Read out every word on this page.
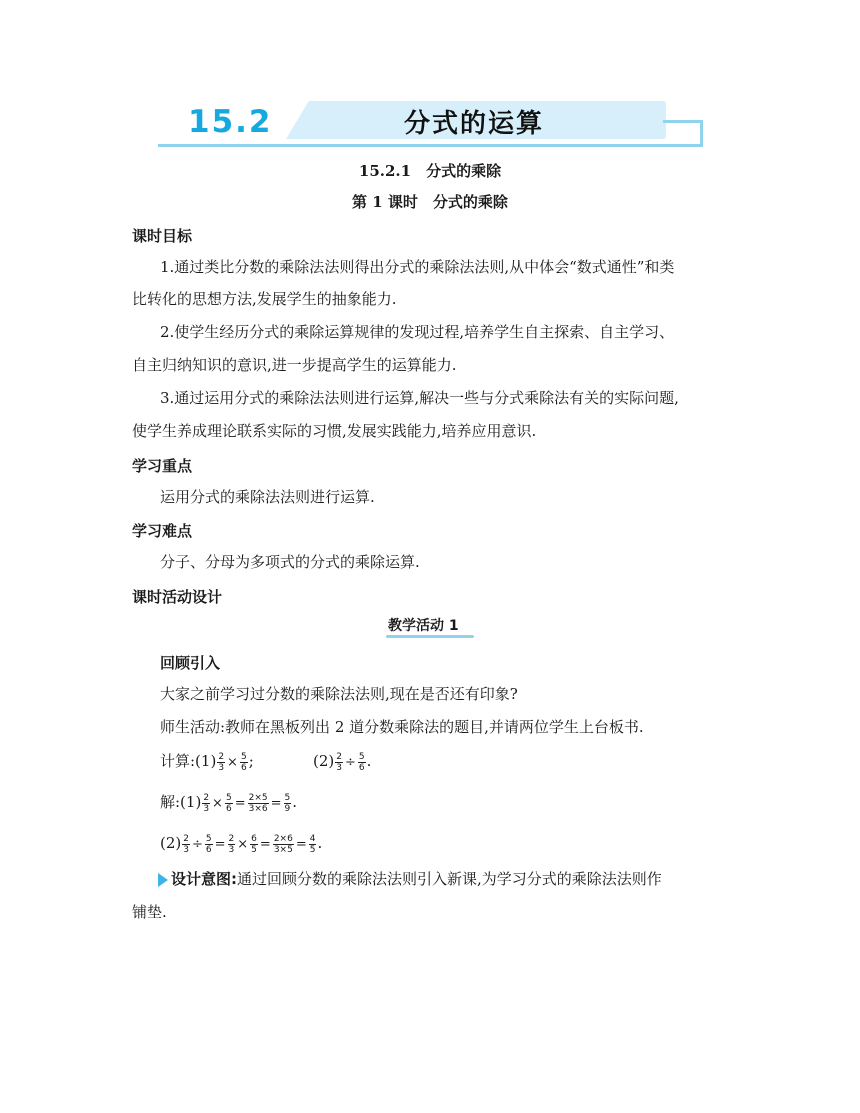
15.2	分式的运算
15.2.1　分式的乘除
第 1 课时　分式的乘除
课时目标
1.通过类比分数的乘除法法则得出分式的乘除法法则,从中体会“数式通性”和类
比转化的思想方法,发展学生的抽象能力.
2.使学生经历分式的乘除运算规律的发现过程,培养学生自主探索、自主学习、
自主归纳知识的意识,进一步提高学生的运算能力.
3.通过运用分式的乘除法法则进行运算,解决一些与分式乘除法有关的实际问题,
使学生养成理论联系实际的习惯,发展实践能力,培养应用意识.
学习重点
运用分式的乘除法法则进行运算.
学习难点
分子、分母为多项式的分式的乘除运算.
课时活动设计
教学活动 1
回顾引入
大家之前学习过分数的乘除法法则,现在是否还有印象?
师生活动:教师在黑板列出 2 道分数乘除法的题目,并请两位学生上台板书.
计算:(1) $\frac{2}{3} \times \frac{5}{6}$ ;	$(2) \frac{2}{3} \div \frac{5}{6}$ .
解:(1) $\frac{2}{3} \times \frac{5}{6} = \frac{2\times 5}{3\times 6} = \frac{5}{9}$ .
$(2) \frac{2}{3} \div \frac{5}{6} = \frac{2}{3} \times \frac{6}{5} = \frac{2\times 6}{3\times 5} = \frac{4}{5}$ .
设计意图:通过回顾分数的乘除法法则引入新课,为学习分式的乘除法法则作
铺垫.
